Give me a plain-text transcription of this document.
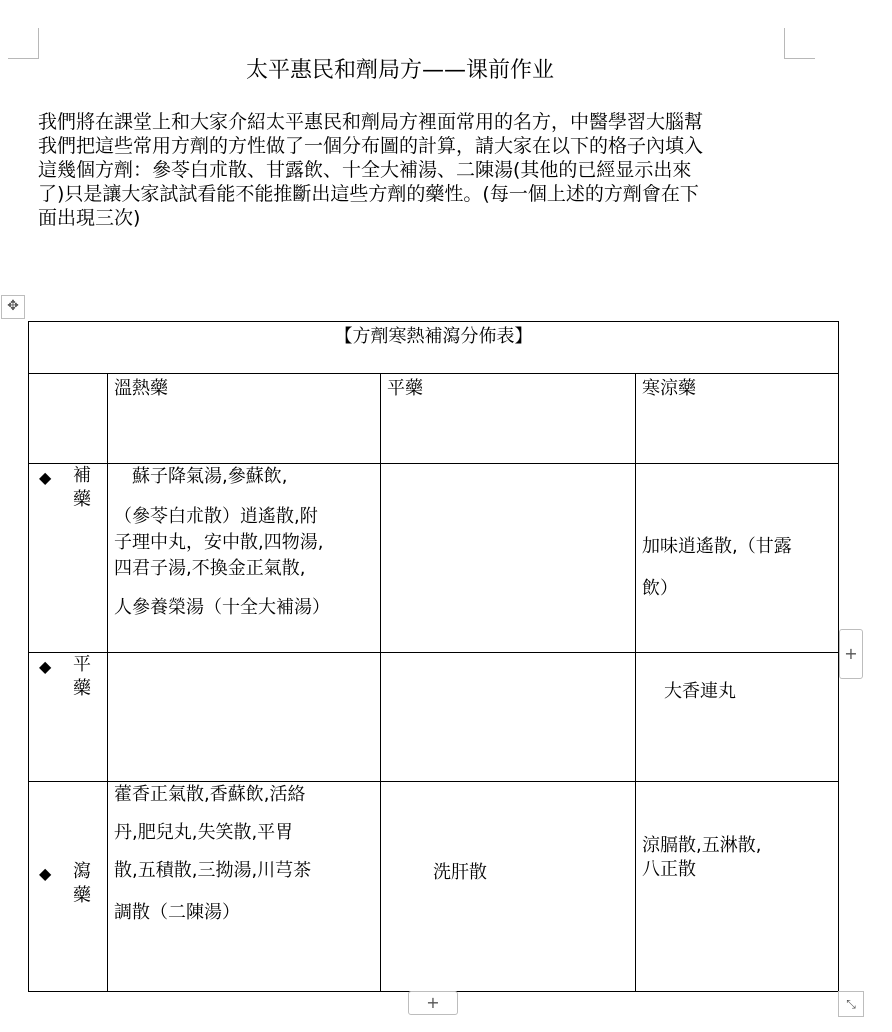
太平惠民和劑局方——课前作业
我們將在課堂上和大家介紹太平惠民和劑局方裡面常用的名方，中醫學習大腦幫
我們把這些常用方劑的方性做了一個分布圖的計算，請大家在以下的格子內填入
這幾個方劑：參苓白朮散、甘露飲、十全大補湯、二陳湯(其他的已經显示出來
了)只是讓大家試試看能不能推斷出這些方劑的藥性。(每一個上述的方劑會在下
面出現三次)
✥
【方劑寒熱補瀉分佈表】			
	溫熱藥	平藥	寒涼藥

◆ 補藥	　蘇子降氣湯,參蘇飲,
（參苓白朮散）逍遙散,附
子理中丸，安中散,四物湯,
四君子湯,不換金正氣散,
人參養榮湯（十全大補湯）		加味逍遙散,（甘露
飲）

◆ 平藥			大香連丸

◆ 瀉藥	藿香正氣散,香蘇飲,活絡
丹,肥兒丸,失笑散,平胃
散,五積散,三拗湯,川芎茶
調散（二陳湯）	洗肝散	涼膈散,五淋散,
八正散
+
+	⤡
